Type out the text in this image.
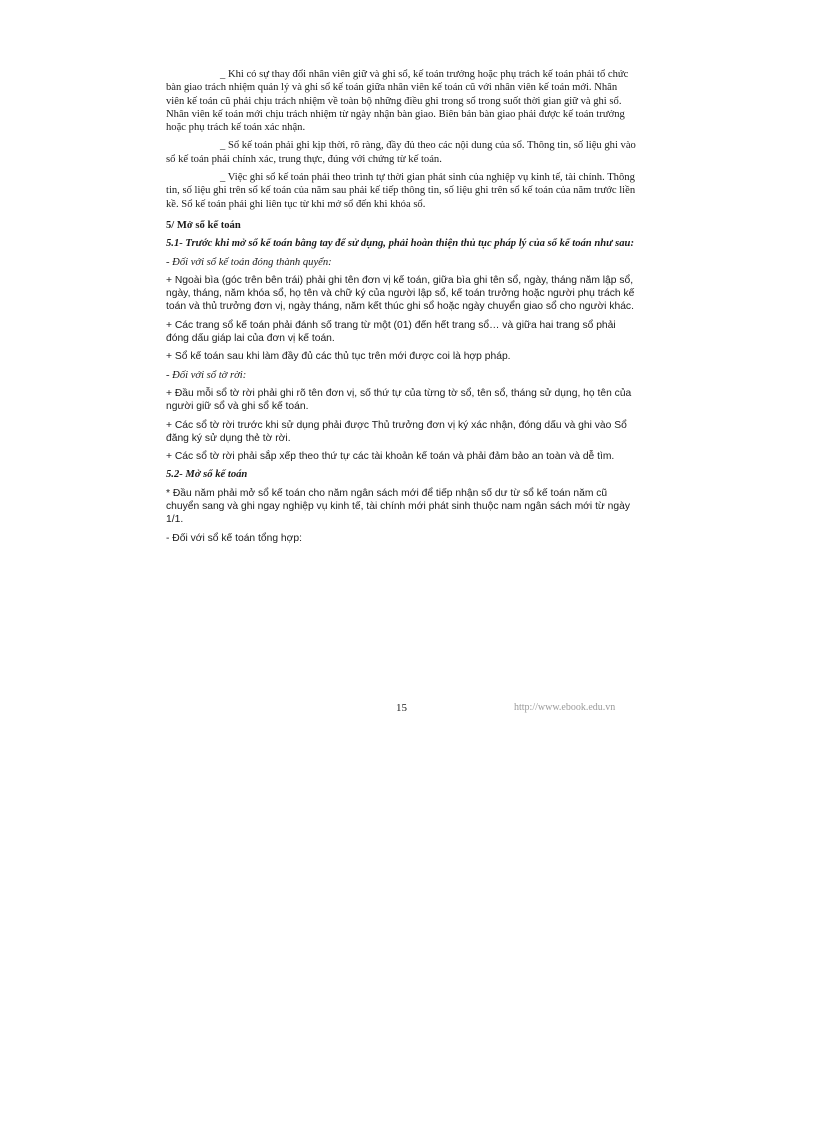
_ Khi có sự thay đổi nhân viên giữ và ghi sổ, kế toán trưởng hoặc phụ trách kế toán phải tổ chức bàn giao trách nhiệm quản lý và ghi sổ kế toán giữa nhân viên kế toán cũ với nhân viên kế toán mới. Nhân viên kế toán cũ phải chịu trách nhiệm về toàn bộ những điều ghi trong sổ trong suốt thời gian giữ và ghi sổ. Nhân viên kế toán mới chịu trách nhiệm từ ngày nhận bàn giao. Biên bản bàn giao phải được kế toán trưởng hoặc phụ trách kế toán xác nhận.

_ Sổ kế toán phải ghi kịp thời, rõ ràng, đầy đủ theo các nội dung của sổ. Thông tin, số liệu ghi vào sổ kế toán phải chính xác, trung thực, đúng với chứng từ kế toán.

_ Việc ghi sổ kế toán phải theo trình tự thời gian phát sinh của nghiệp vụ kinh tế, tài chính. Thông tin, số liệu ghi trên sổ kế toán của năm sau phải kế tiếp thông tin, số liệu ghi trên sổ kế toán của năm trước liền kề. Sổ kế toán phải ghi liên tục từ khi mở sổ đến khi khóa sổ.

5/ Mở sổ kế toán

5.1- Trước khi mở sổ kế toán bằng tay để sử dụng, phải hoàn thiện thủ tục pháp lý của sổ kế toán như sau:

- Đối với sổ kế toán đóng thành quyển:

+ Ngoài bìa (góc trên bên trái) phải ghi tên đơn vị kế toán, giữa bìa ghi tên sổ, ngày, tháng năm lập sổ, ngày, tháng, năm khóa sổ, họ tên và chữ ký của người lập sổ, kế toán trưởng hoặc người phụ trách kế toán và thủ trưởng đơn vị, ngày tháng, năm kết thúc ghi sổ hoặc ngày chuyển giao sổ cho người khác.

+ Các trang sổ kế toán phải đánh số trang từ một (01) đến hết trang sổ… và giữa hai trang sổ phải đóng dấu giáp lai của đơn vị kế toán.

+ Sổ kế toán sau khi làm đầy đủ các thủ tục trên mới được coi là hợp pháp.

- Đối với sổ tờ rời:

+ Đầu mỗi sổ tờ rời phải ghi rõ tên đơn vị, số thứ tự của từng tờ sổ, tên sổ, tháng sử dụng, họ tên của người giữ sổ và ghi sổ kế toán.

+ Các sổ tờ rời trước khi sử dụng phải được Thủ trưởng đơn vị ký xác nhận, đóng dấu và ghi vào Sổ đăng ký sử dụng thẻ tờ rời.

+ Các sổ tờ rời phải sắp xếp theo thứ tự các tài khoản kế toán và phải đảm bảo an toàn và dễ tìm.

5.2- Mở sổ kế toán

* Đầu năm phải mở sổ kế toán cho năm ngân sách mới để tiếp nhận số dư từ sổ kế toán năm cũ chuyển sang và ghi ngay nghiệp vụ kinh tế, tài chính mới phát sinh thuộc nam ngân sách mới từ ngày 1/1.

- Đối với sổ kế toán tổng hợp:

15	http://www.ebook.edu.vn
